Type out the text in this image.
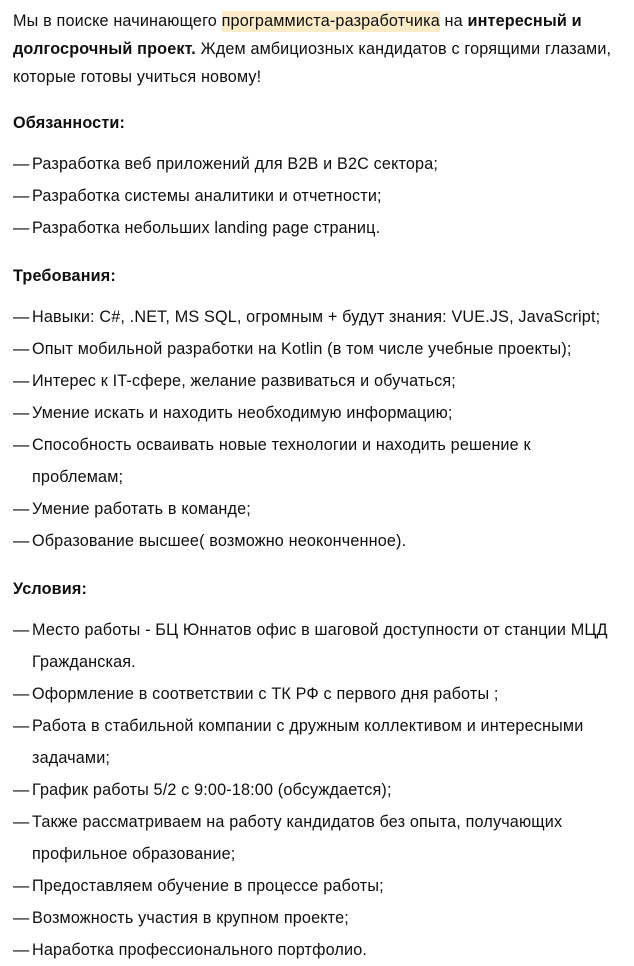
Мы в поиске начинающего программиста-разработчика на интересный и долгосрочный проект. Ждем амбициозных кандидатов с горящими глазами, которые готовы учиться новому!

Обязанности:

— Разработка веб приложений для B2B и B2C сектора;
— Разработка системы аналитики и отчетности;
— Разработка небольших landing page страниц.

Требования:

— Навыки: C#, .NET, MS SQL, огромным + будут знания: VUE.JS, JavaScript;
— Опыт мобильной разработки на Kotlin (в том числе учебные проекты);
— Интерес к IT-сфере, желание развиваться и обучаться;
— Умение искать и находить необходимую информацию;
— Способность осваивать новые технологии и находить решение к проблемам;
— Умение работать в команде;
— Образование высшее( возможно неоконченное).

Условия:

— Место работы - БЦ Юннатов офис в шаговой доступности от станции МЦД Гражданская.
— Оформление в соответствии с ТК РФ с первого дня работы ;
— Работа в стабильной компании с дружным коллективом и интересными задачами;
— График работы 5/2 с 9:00-18:00 (обсуждается);
— Также рассматриваем на работу кандидатов без опыта, получающих профильное образование;
— Предоставляем обучение в процессе работы;
— Возможность участия в крупном проекте;
— Наработка профессионального портфолио.
